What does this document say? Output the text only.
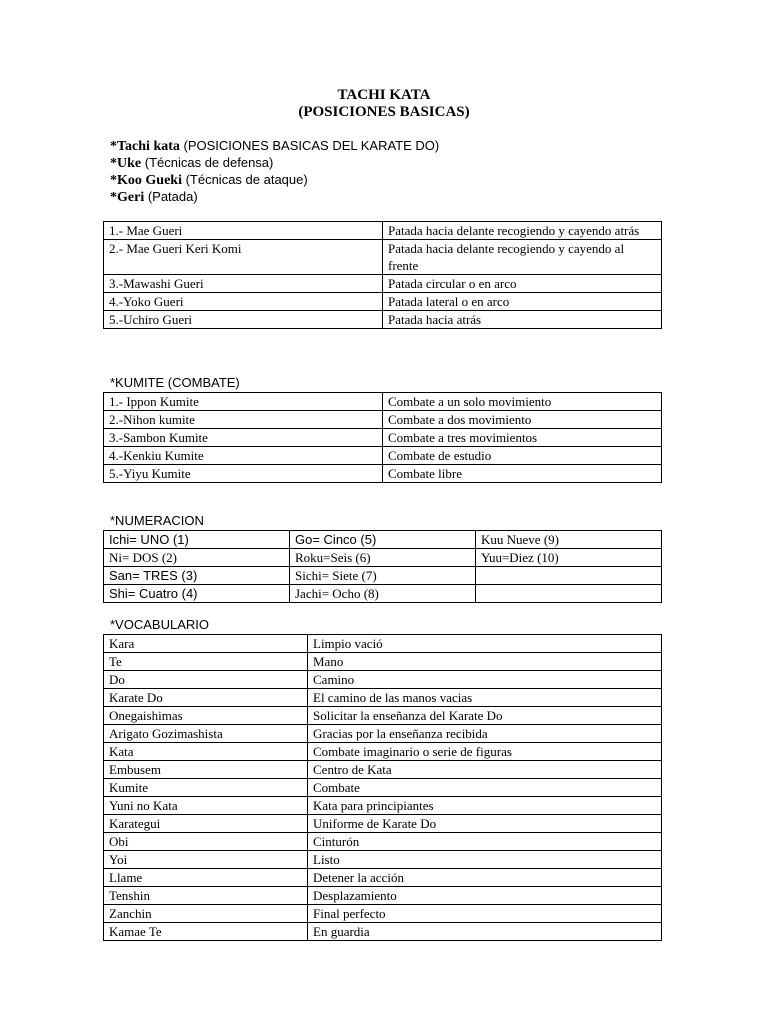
TACHI KATA
(POSICIONES BASICAS)
*Tachi kata (POSICIONES BASICAS DEL KARATE DO)
*Uke (Técnicas de defensa)
*Koo Gueki (Técnicas de ataque)
*Geri (Patada)
1.- Mae Gueri	Patada hacia delante recogiendo y cayendo atrás
2.- Mae Gueri Keri Komi	Patada hacia delante recogiendo y cayendo al frente
3.-Mawashi Gueri	Patada circular o en arco
4.-Yoko Gueri	Patada lateral o en arco
5.-Uchiro Gueri	Patada hacia atrás
*KUMITE (COMBATE)
1.- Ippon Kumite	Combate a un solo movimiento
2.-Nihon kumite	Combate a dos movimiento
3.-Sambon Kumite	Combate a tres movimientos
4.-Kenkiu Kumite	Combate de estudio
5.-Yiyu Kumite	Combate libre
*NUMERACION
Ichi= UNO (1)	Go= Cinco (5)	Kuu Nueve (9)
Ni= DOS (2)	Roku=Seis (6)	Yuu=Diez (10)
San= TRES (3)	Sichi= Siete (7)	
Shi= Cuatro (4)	Jachi= Ocho (8)	
*VOCABULARIO
Kara	Limpio vació
Te	Mano
Do	Camino
Karate Do	El camino de las manos vacias
Onegaishimas	Solicitar la enseñanza del Karate Do
Arigato Gozimashista	Gracias por la enseñanza recibida
Kata	Combate imaginario o serie de figuras
Embusem	Centro de Kata
Kumite	Combate
Yuni no Kata	Kata para principiantes
Karategui	Uniforme de Karate Do
Obi	Cinturón
Yoi	Listo
Llame	Detener la acción
Tenshin	Desplazamiento
Zanchin	Final perfecto
Kamae Te	En guardia
